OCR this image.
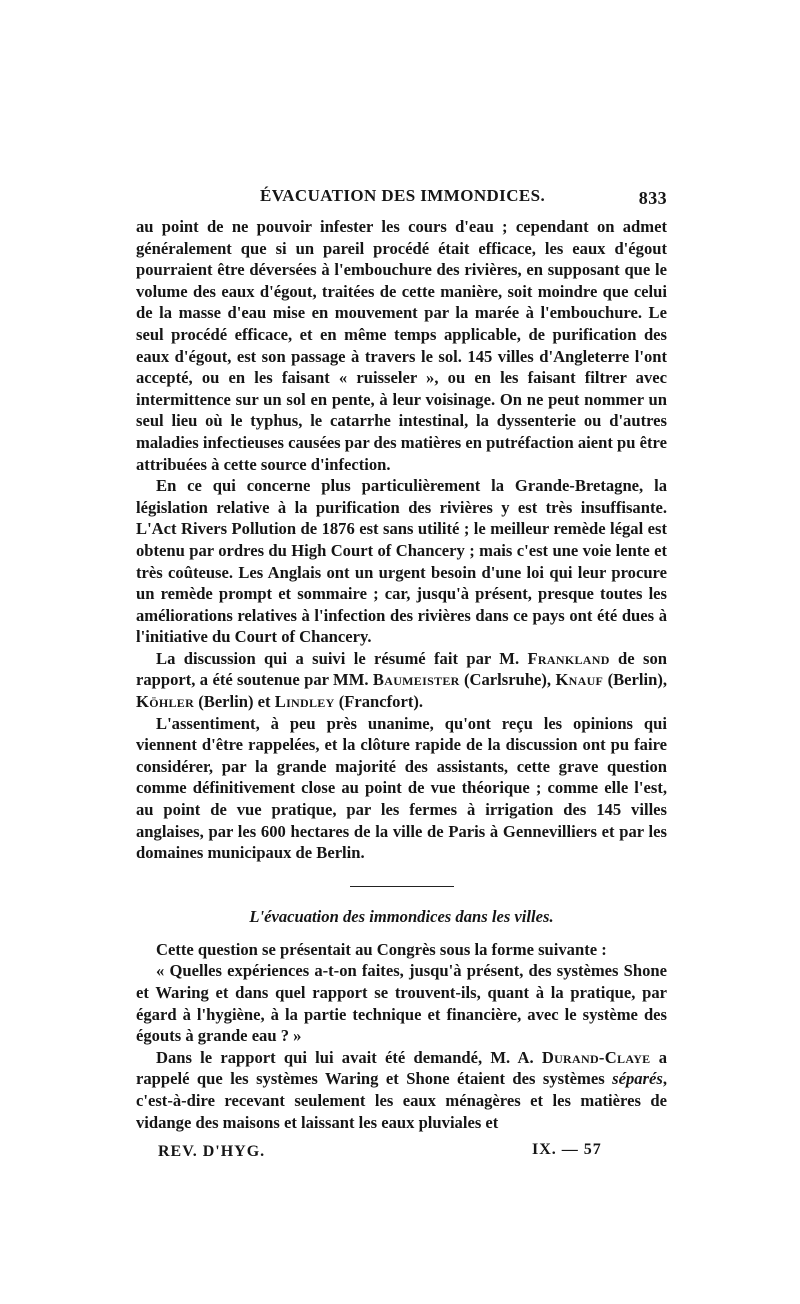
ÉVACUATION DES IMMONDICES.	833

au point de ne pouvoir infester les cours d'eau ; cependant on admet généralement que si un pareil procédé était efficace, les eaux d'égout pourraient être déversées à l'embouchure des rivières, en supposant que le volume des eaux d'égout, traitées de cette manière, soit moindre que celui de la masse d'eau mise en mouvement par la marée à l'embouchure. Le seul procédé efficace, et en même temps applicable, de purification des eaux d'égout, est son passage à travers le sol. 145 villes d'Angleterre l'ont accepté, ou en les faisant « ruisseler », ou en les faisant filtrer avec intermittence sur un sol en pente, à leur voisinage. On ne peut nommer un seul lieu où le typhus, le catarrhe intestinal, la dyssenterie ou d'autres maladies infectieuses causées par des matières en putréfaction aient pu être attribuées à cette source d'infection.

En ce qui concerne plus particulièrement la Grande-Bretagne, la législation relative à la purification des rivières y est très insuffisante. L'Act Rivers Pollution de 1876 est sans utilité ; le meilleur remède légal est obtenu par ordres du High Court of Chancery ; mais c'est une voie lente et très coûteuse. Les Anglais ont un urgent besoin d'une loi qui leur procure un remède prompt et sommaire ; car, jusqu'à présent, presque toutes les améliorations relatives à l'infection des rivières dans ce pays ont été dues à l'initiative du Court of Chancery.

La discussion qui a suivi le résumé fait par M. Frankland de son rapport, a été soutenue par MM. Baumeister (Carlsruhe), Knauf (Berlin), Köhler (Berlin) et Lindley (Francfort).

L'assentiment, à peu près unanime, qu'ont reçu les opinions qui viennent d'être rappelées, et la clôture rapide de la discussion ont pu faire considérer, par la grande majorité des assistants, cette grave question comme définitivement close au point de vue théorique ; comme elle l'est, au point de vue pratique, par les fermes à irrigation des 145 villes anglaises, par les 600 hectares de la ville de Paris à Gennevilliers et par les domaines municipaux de Berlin.

L'évacuation des immondices dans les villes.

Cette question se présentait au Congrès sous la forme suivante :

« Quelles expériences a-t-on faites, jusqu'à présent, des systèmes Shone et Waring et dans quel rapport se trouvent-ils, quant à la pratique, par égard à l'hygiène, à la partie technique et financière, avec le système des égouts à grande eau ? »

Dans le rapport qui lui avait été demandé, M. A. Durand-Claye a rappelé que les systèmes Waring et Shone étaient des systèmes séparés, c'est-à-dire recevant seulement les eaux ménagères et les matières de vidange des maisons et laissant les eaux pluviales et

REV. D'HYG.	IX. — 57
